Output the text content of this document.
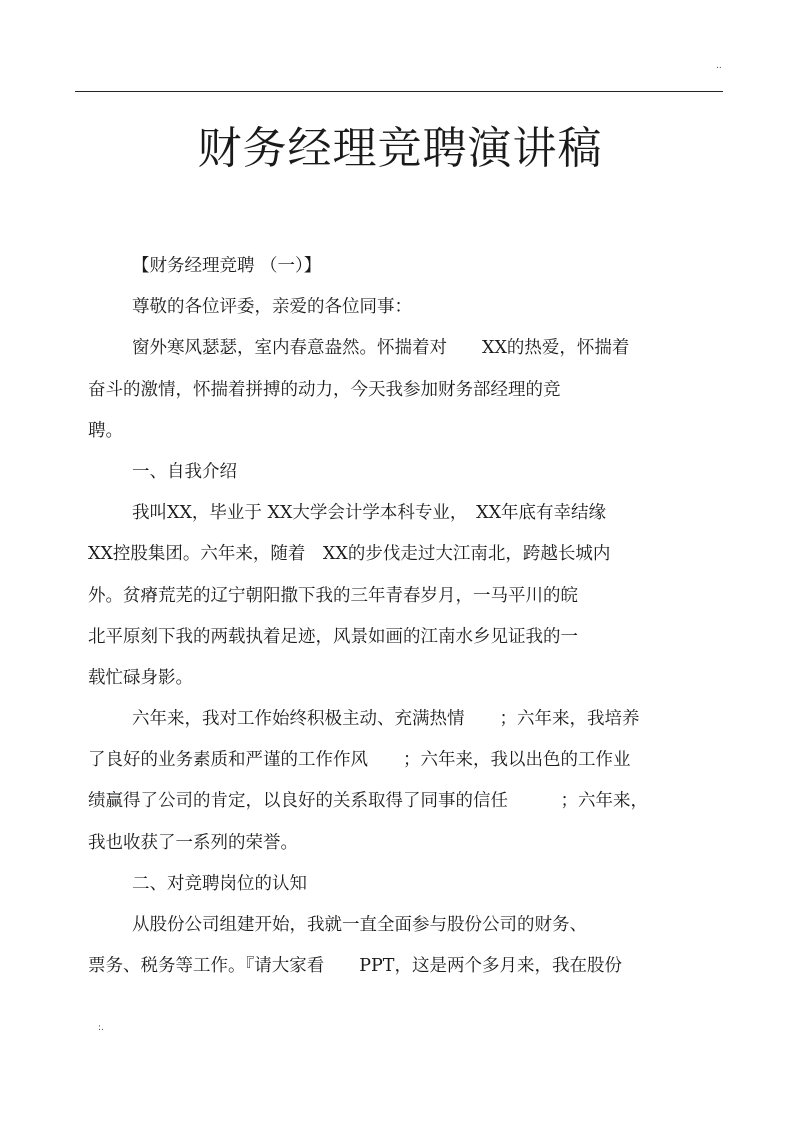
..
财务经理竞聘演讲稿
【财务经理竞聘 （一）】
尊敬的各位评委，亲爱的各位同事：
窗外寒风瑟瑟，室内春意盎然。怀揣着对　　XX的热爱，怀揣着
奋斗的激情，怀揣着拼搏的动力，今天我参加财务部经理的竞
聘。
一、自我介绍
我叫XX，毕业于 XX大学会计学本科专业，　XX年底有幸结缘
XX控股集团。六年来，随着　XX的步伐走过大江南北，跨越长城内
外。贫瘠荒芜的辽宁朝阳撒下我的三年青春岁月，一马平川的皖
北平原刻下我的两载执着足迹，风景如画的江南水乡见证我的一
载忙碌身影。
六年来，我对工作始终积极主动、充满热情　　；六年来，我培养
了良好的业务素质和严谨的工作作风　　；六年来，我以出色的工作业
绩赢得了公司的肯定，以良好的关系取得了同事的信任　　　；六年来，
我也收获了一系列的荣誉。
二、对竞聘岗位的认知
从股份公司组建开始，我就一直全面参与股份公司的财务、
票务、税务等工作。『请大家看　　PPT，这是两个多月来，我在股份
:.
